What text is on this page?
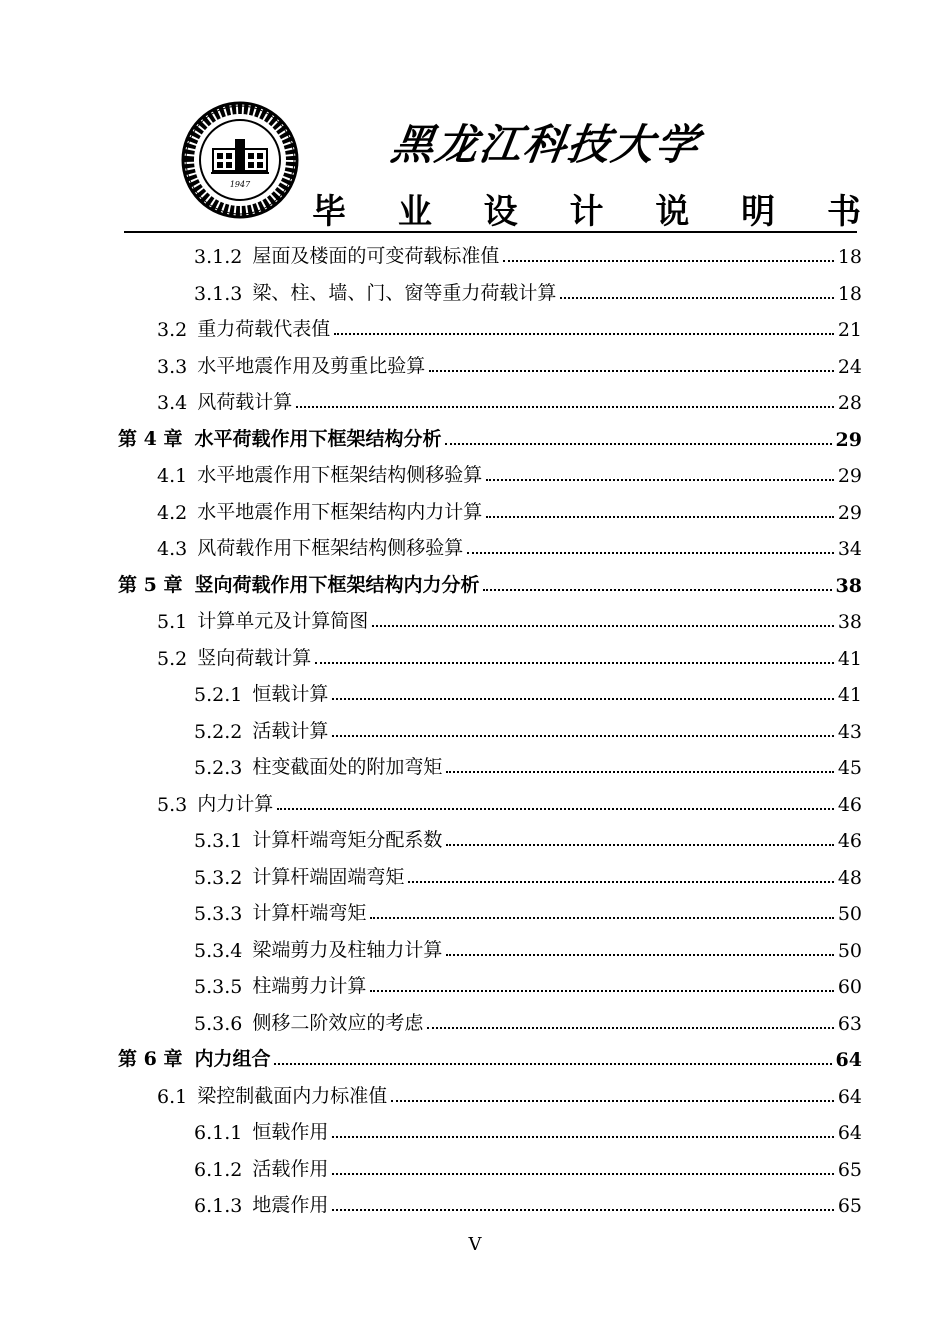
1947
黑龙江科技大学
毕 业 设 计 说 明 书
3.1.2 屋面及楼面的可变荷载标准值	18
3.1.3 梁、柱、墙、门、窗等重力荷载计算	18
3.2 重力荷载代表值	21
3.3 水平地震作用及剪重比验算	24
3.4 风荷载计算	28
第 4 章 水平荷载作用下框架结构分析	29
4.1 水平地震作用下框架结构侧移验算	29
4.2 水平地震作用下框架结构内力计算	29
4.3 风荷载作用下框架结构侧移验算	34
第 5 章 竖向荷载作用下框架结构内力分析	38
5.1 计算单元及计算简图	38
5.2 竖向荷载计算	41
5.2.1 恒载计算	41
5.2.2 活载计算	43
5.2.3 柱变截面处的附加弯矩	45
5.3 内力计算	46
5.3.1 计算杆端弯矩分配系数	46
5.3.2 计算杆端固端弯矩	48
5.3.3 计算杆端弯矩	50
5.3.4 梁端剪力及柱轴力计算	50
5.3.5 柱端剪力计算	60
5.3.6 侧移二阶效应的考虑	63
第 6 章 内力组合	64
6.1 梁控制截面内力标准值	64
6.1.1 恒载作用	64
6.1.2 活载作用	65
6.1.3 地震作用	65
V
